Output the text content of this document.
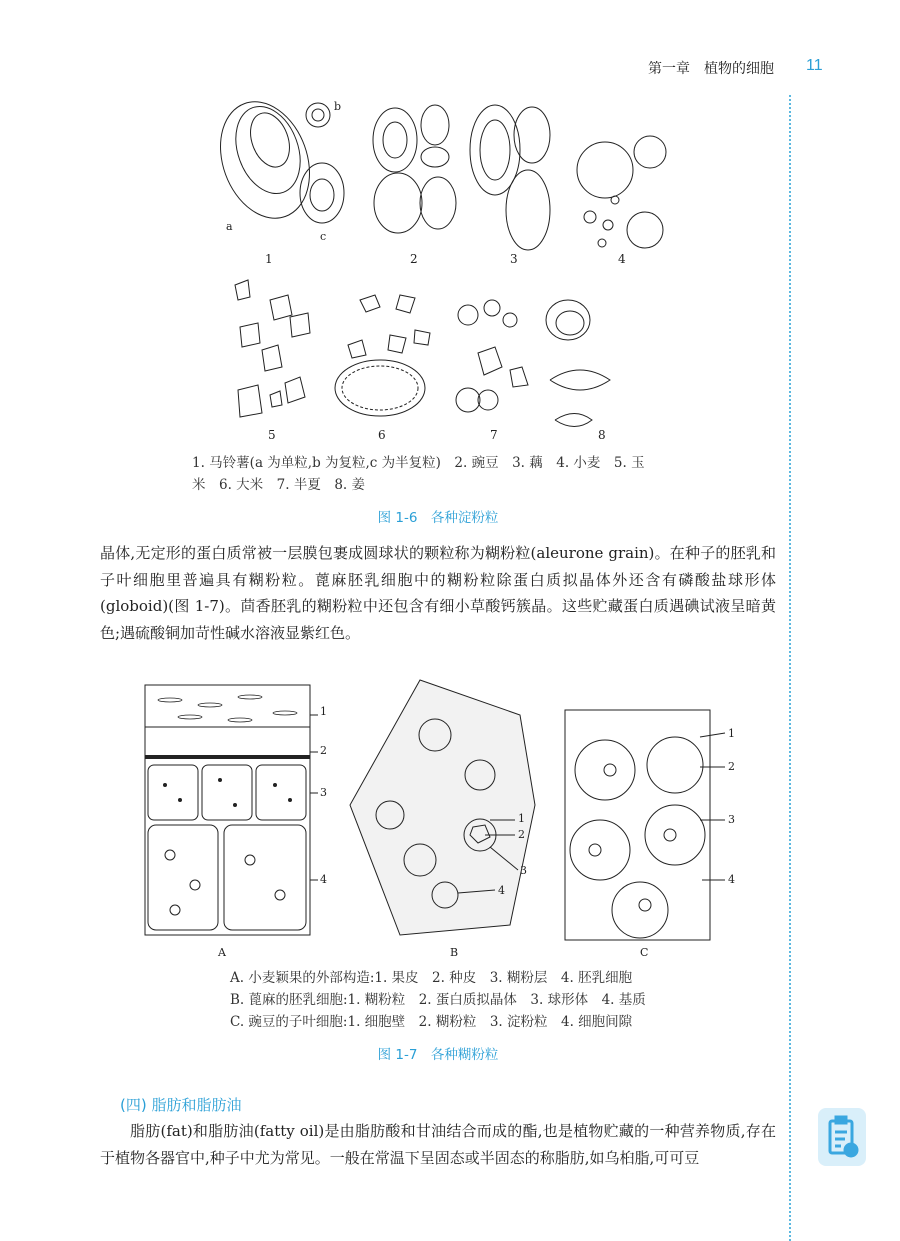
第一章　植物的细胞 11
a
b
c
1	2	3	4
5	6	7	8
1. 马铃薯(a 为单粒,b 为复粒,c 为半复粒)　2. 豌豆　3. 藕　4. 小麦　5. 玉
米　6. 大米　7. 半夏　8. 姜
图 1-6　各种淀粉粒

晶体,无定形的蛋白质常被一层膜包裹成圆球状的颗粒称为糊粉粒(aleurone grain)。在种子的胚乳和子叶细胞里普遍具有糊粉粒。蓖麻胚乳细胞中的糊粉粒除蛋白质拟晶体外还含有磷酸盐球形体(globoid)(图 1-7)。茴香胚乳的糊粉粒中还包含有细小草酸钙簇晶。这些贮藏蛋白质遇碘试液呈暗黄色;遇硫酸铜加苛性碱水溶液显紫红色。

1
2
3
4
1
2
3
4
1
2
3
4
A	B	C
A. 小麦颖果的外部构造:1. 果皮　2. 种皮　3. 糊粉层　4. 胚乳细胞
B. 蓖麻的胚乳细胞:1. 糊粉粒　2. 蛋白质拟晶体　3. 球形体　4. 基质
C. 豌豆的子叶细胞:1. 细胞壁　2. 糊粉粒　3. 淀粉粒　4. 细胞间隙
图 1-7　各种糊粉粒
(四) 脂肪和脂肪油

脂肪(fat)和脂肪油(fatty oil)是由脂肪酸和甘油结合而成的酯,也是植物贮藏的一种营养物质,存在于植物各器官中,种子中尤为常见。一般在常温下呈固态或半固态的称脂肪,如乌桕脂,可可豆
